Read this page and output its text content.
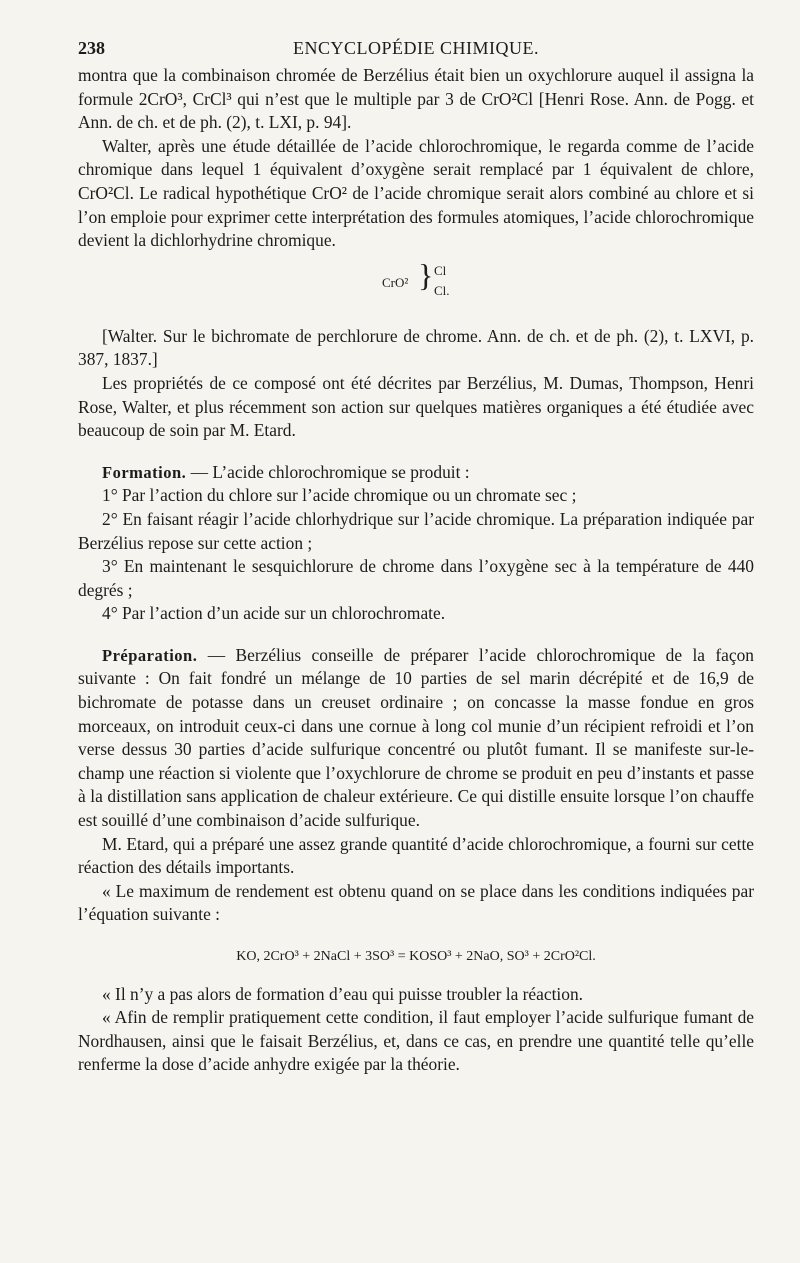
238	ENCYCLOPÉDIE CHIMIQUE.

montra que la combinaison chromée de Berzélius était bien un oxychlorure auquel il assigna la formule 2CrO³, CrCl³ qui n’est que le multiple par 3 de CrO²Cl [Henri Rose. Ann. de Pogg. et Ann. de ch. et de ph. (2), t. LXI, p. 94].

Walter, après une étude détaillée de l’acide chlorochromique, le regarda comme de l’acide chromique dans lequel 1 équivalent d’oxygène serait remplacé par 1 équivalent de chlore, CrO²Cl. Le radical hypothétique CrO² de l’acide chromique serait alors combiné au chlore et si l’on emploie pour exprimer cette interprétation des formules atomiques, l’acide chlorochromique devient la dichlorhydrine chromique.

CrO² } Cl
Cl.

[Walter. Sur le bichromate de perchlorure de chrome. Ann. de ch. et de ph. (2), t. LXVI, p. 387, 1837.]

Les propriétés de ce composé ont été décrites par Berzélius, M. Dumas, Thompson, Henri Rose, Walter, et plus récemment son action sur quelques matières organiques a été étudiée avec beaucoup de soin par M. Etard.

Formation. — L’acide chlorochromique se produit :

1° Par l’action du chlore sur l’acide chromique ou un chromate sec ;

2° En faisant réagir l’acide chlorhydrique sur l’acide chromique. La préparation indiquée par Berzélius repose sur cette action ;

3° En maintenant le sesquichlorure de chrome dans l’oxygène sec à la température de 440 degrés ;

4° Par l’action d’un acide sur un chlorochromate.

Préparation. — Berzélius conseille de préparer l’acide chlorochromique de la façon suivante : On fait fondré un mélange de 10 parties de sel marin décrépité et de 16,9 de bichromate de potasse dans un creuset ordinaire ; on concasse la masse fondue en gros morceaux, on introduit ceux-ci dans une cornue à long col munie d’un récipient refroidi et l’on verse dessus 30 parties d’acide sulfurique concentré ou plutôt fumant. Il se manifeste sur-le-champ une réaction si violente que l’oxychlorure de chrome se produit en peu d’instants et passe à la distillation sans application de chaleur extérieure. Ce qui distille ensuite lorsque l’on chauffe est souillé d’une combinaison d’acide sulfurique.

M. Etard, qui a préparé une assez grande quantité d’acide chlorochromique, a fourni sur cette réaction des détails importants.

« Le maximum de rendement est obtenu quand on se place dans les conditions indiquées par l’équation suivante :

KO, 2CrO³ + 2NaCl + 3SO³ = KOSO³ + 2NaO, SO³ + 2CrO²Cl.

« Il n’y a pas alors de formation d’eau qui puisse troubler la réaction.

« Afin de remplir pratiquement cette condition, il faut employer l’acide sulfurique fumant de Nordhausen, ainsi que le faisait Berzélius, et, dans ce cas, en prendre une quantité telle qu’elle renferme la dose d’acide anhydre exigée par la théorie.
